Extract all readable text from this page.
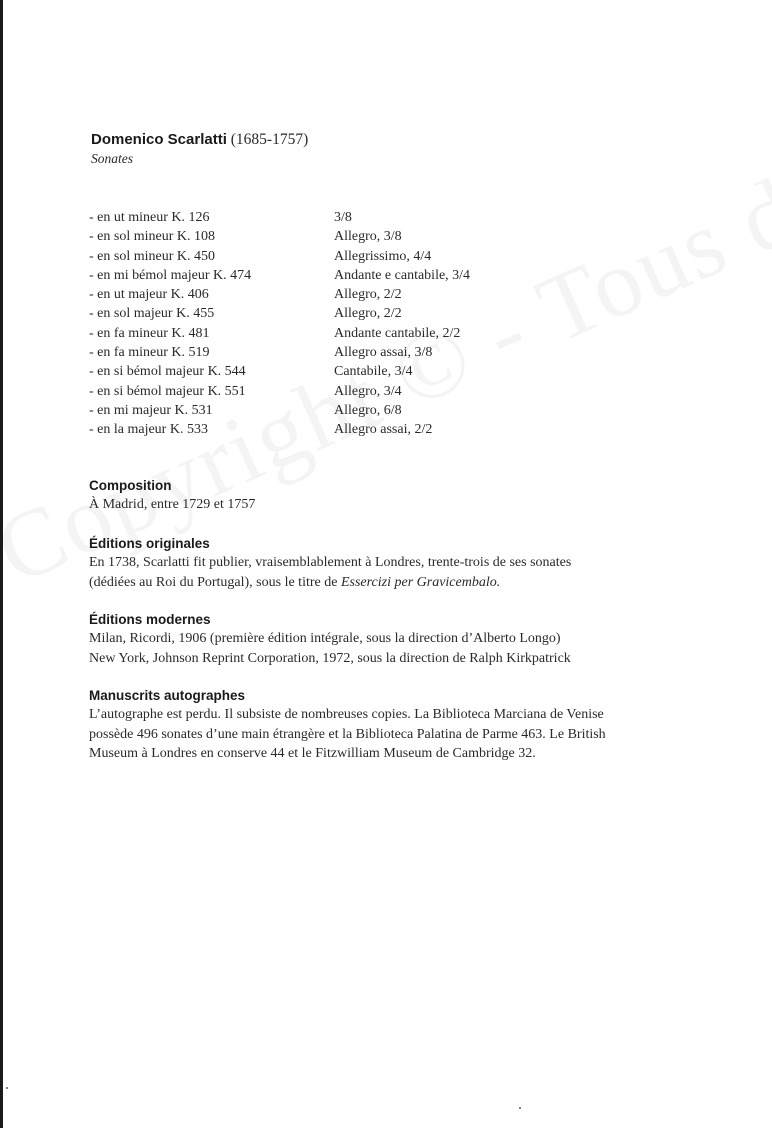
Domenico Scarlatti (1685-1757)
Sonates
- en ut mineur K. 126	3/8
- en sol mineur K. 108	Allegro, 3/8
- en sol mineur K. 450	Allegrissimo, 4/4
- en mi bémol majeur K. 474	Andante e cantabile, 3/4
- en ut majeur K. 406	Allegro, 2/2
- en sol majeur K. 455	Allegro, 2/2
- en fa mineur K. 481	Andante cantabile, 2/2
- en fa mineur K. 519	Allegro assai, 3/8
- en si bémol majeur K. 544	Cantabile, 3/4
- en si bémol majeur K. 551	Allegro, 3/4
- en mi majeur K. 531	Allegro, 6/8
- en la majeur K. 533	Allegro assai, 2/2
Composition
À Madrid, entre 1729 et 1757
Éditions originales
En 1738, Scarlatti fit publier, vraisemblablement à Londres, trente-trois de ses sonates
(dédiées au Roi du Portugal), sous le titre de Essercizi per Gravicembalo.
Éditions modernes
Milan, Ricordi, 1906 (première édition intégrale, sous la direction d’Alberto Longo)
New York, Johnson Reprint Corporation, 1972, sous la direction de Ralph Kirkpatrick
Manuscrits autographes
L’autographe est perdu. Il subsiste de nombreuses copies. La Biblioteca Marciana de Venise
possède 496 sonates d’une main étrangère et la Biblioteca Palatina de Parme 463. Le British
Museum à Londres en conserve 44 et le Fitzwilliam Museum de Cambridge 32.
